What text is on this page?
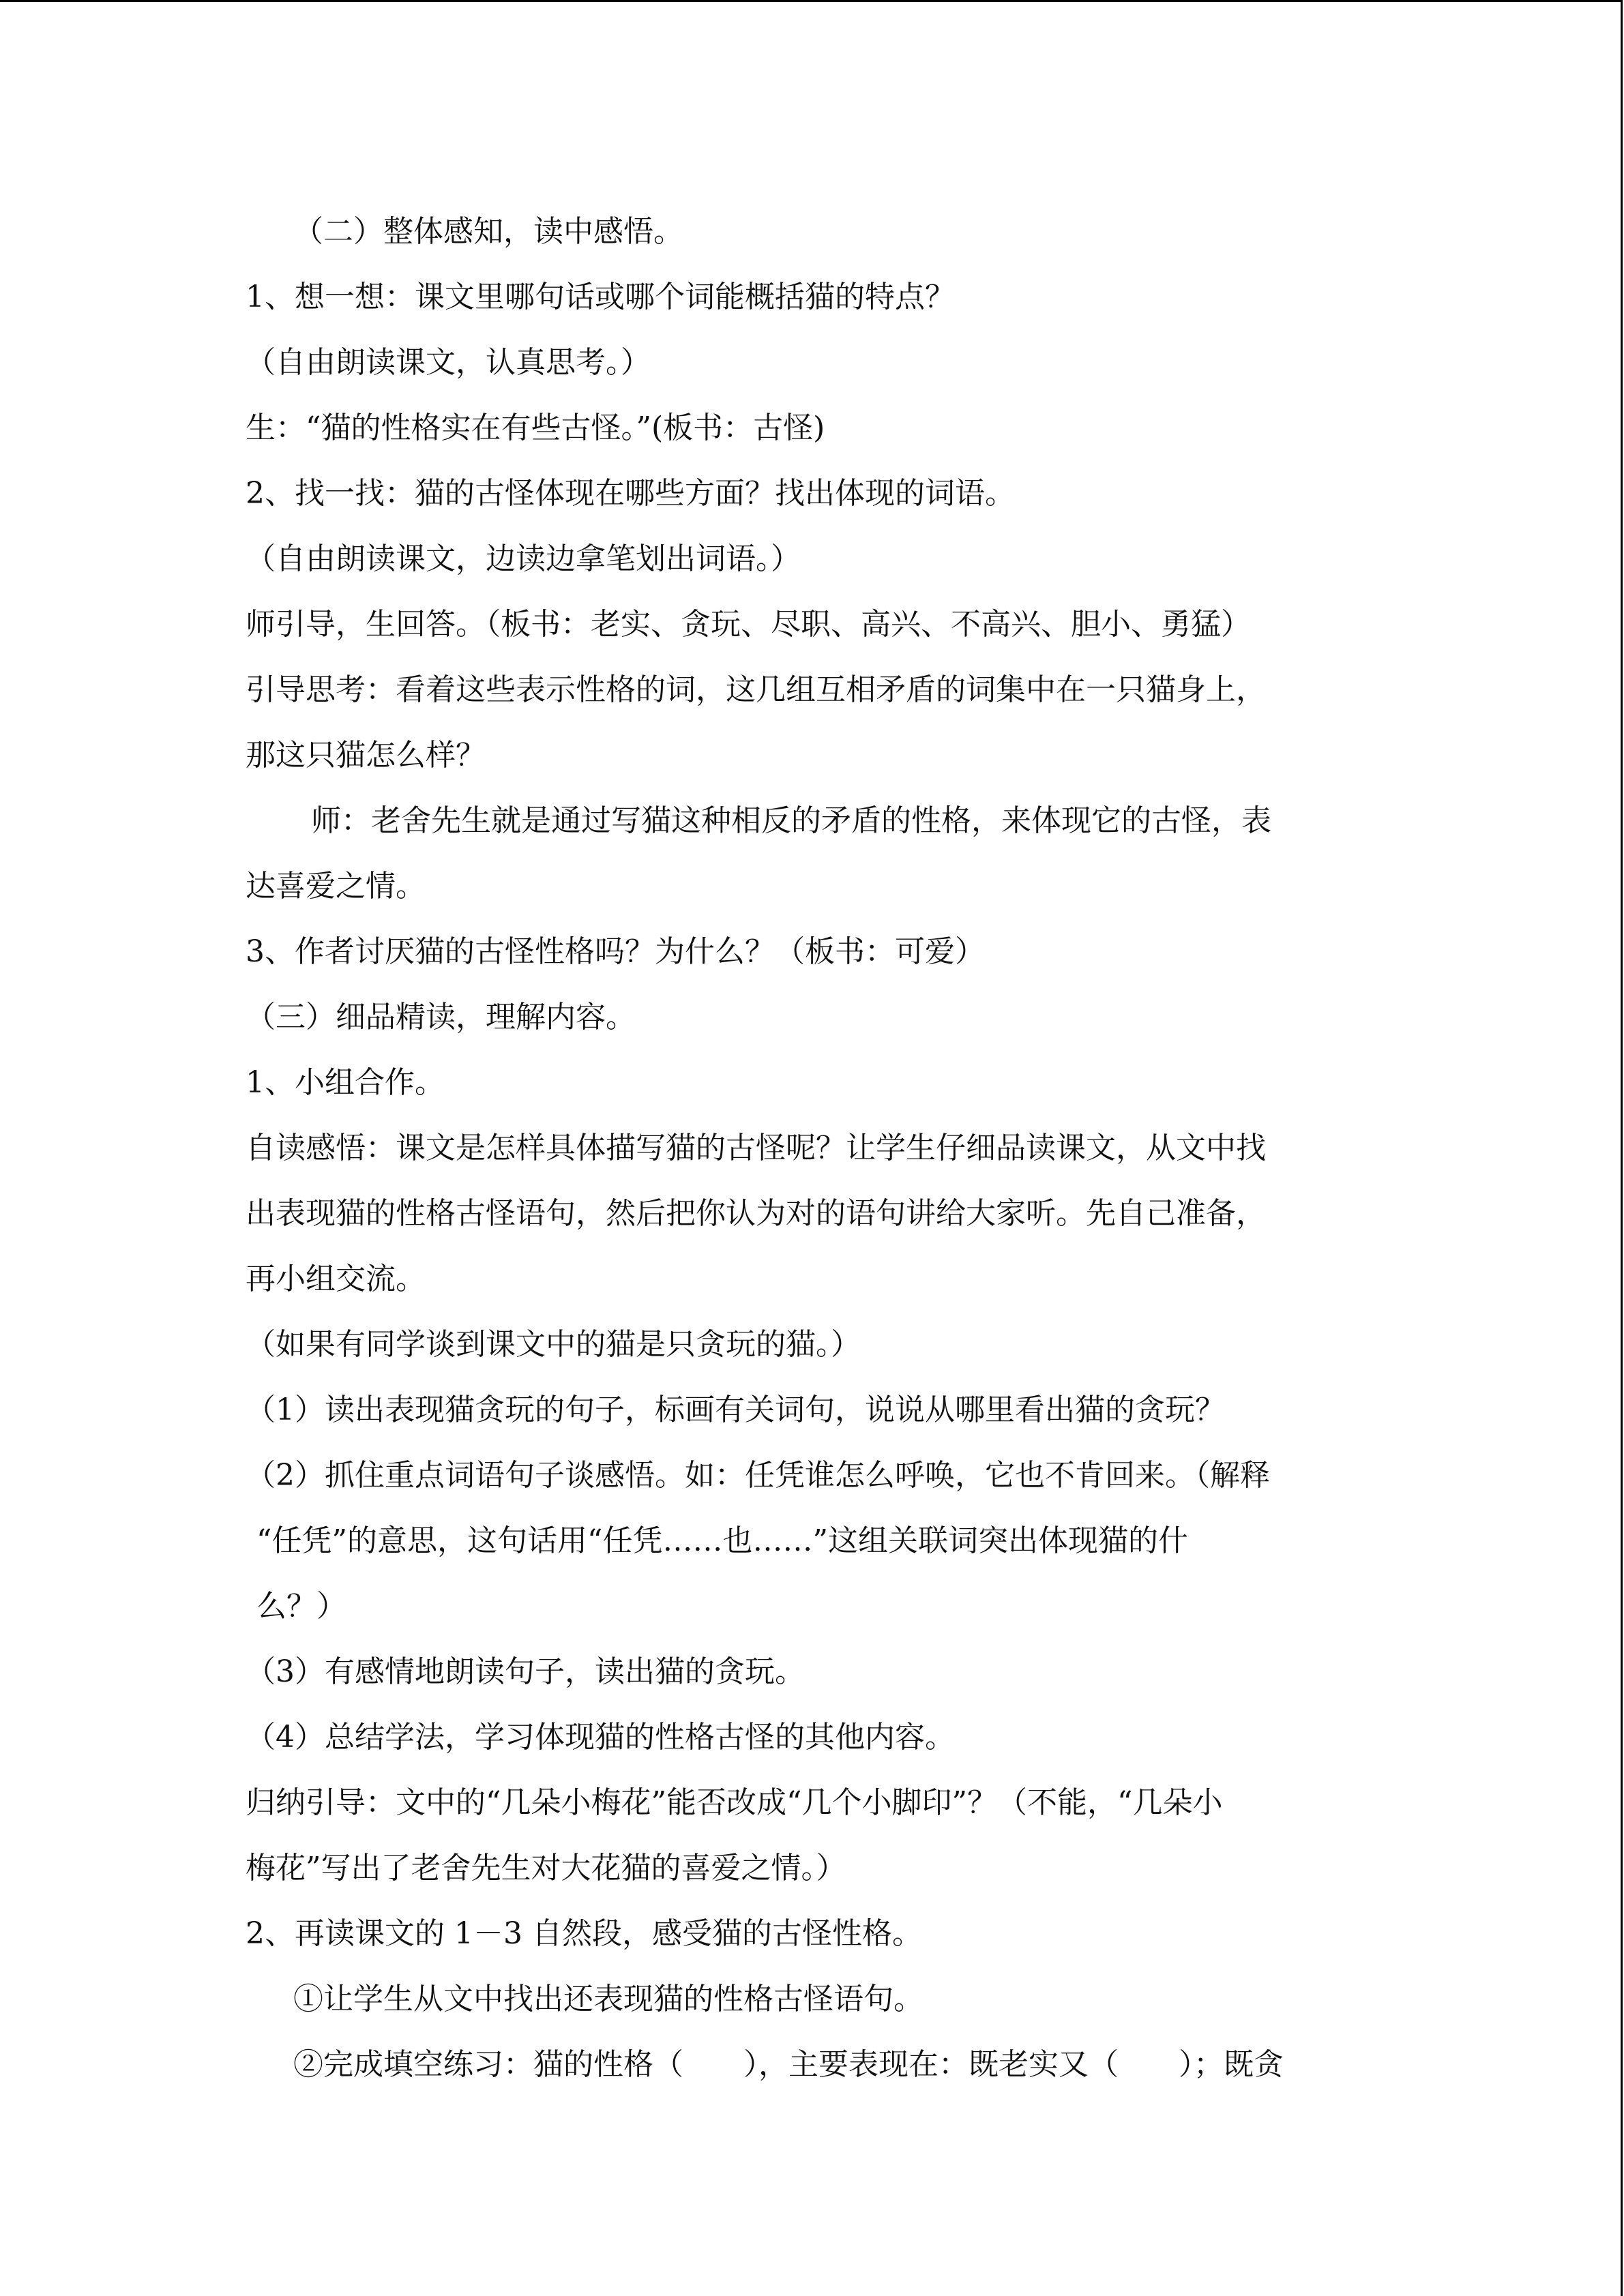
（二）整体感知，读中感悟。
1、想一想：课文里哪句话或哪个词能概括猫的特点？
（自由朗读课文，认真思考。）
生：“猫的性格实在有些古怪。”(板书：古怪)
2、找一找：猫的古怪体现在哪些方面？找出体现的词语。
（自由朗读课文，边读边拿笔划出词语。）
师引导，生回答。（板书：老实、贪玩、尽职、高兴、不高兴、胆小、勇猛）
引导思考：看着这些表示性格的词，这几组互相矛盾的词集中在一只猫身上，
那这只猫怎么样？
师：老舍先生就是通过写猫这种相反的矛盾的性格，来体现它的古怪，表
达喜爱之情。
3、作者讨厌猫的古怪性格吗？为什么？（板书：可爱）
（三）细品精读，理解内容。
1、小组合作。
自读感悟：课文是怎样具体描写猫的古怪呢？让学生仔细品读课文，从文中找
出表现猫的性格古怪语句，然后把你认为对的语句讲给大家听。先自己准备，
再小组交流。
（如果有同学谈到课文中的猫是只贪玩的猫。）
（1）读出表现猫贪玩的句子，标画有关词句，说说从哪里看出猫的贪玩？
（2）抓住重点词语句子谈感悟。如：任凭谁怎么呼唤，它也不肯回来。（解释
“任凭”的意思，这句话用“任凭……也……”这组关联词突出体现猫的什
么？）
（3）有感情地朗读句子，读出猫的贪玩。
（4）总结学法，学习体现猫的性格古怪的其他内容。
归纳引导：文中的“几朵小梅花”能否改成“几个小脚印”？（不能，“几朵小
梅花”写出了老舍先生对大花猫的喜爱之情。）
2、再读课文的 1－3 自然段，感受猫的古怪性格。
①让学生从文中找出还表现猫的性格古怪语句。
②完成填空练习：猫的性格（　　），主要表现在：既老实又（　　）；既贪
